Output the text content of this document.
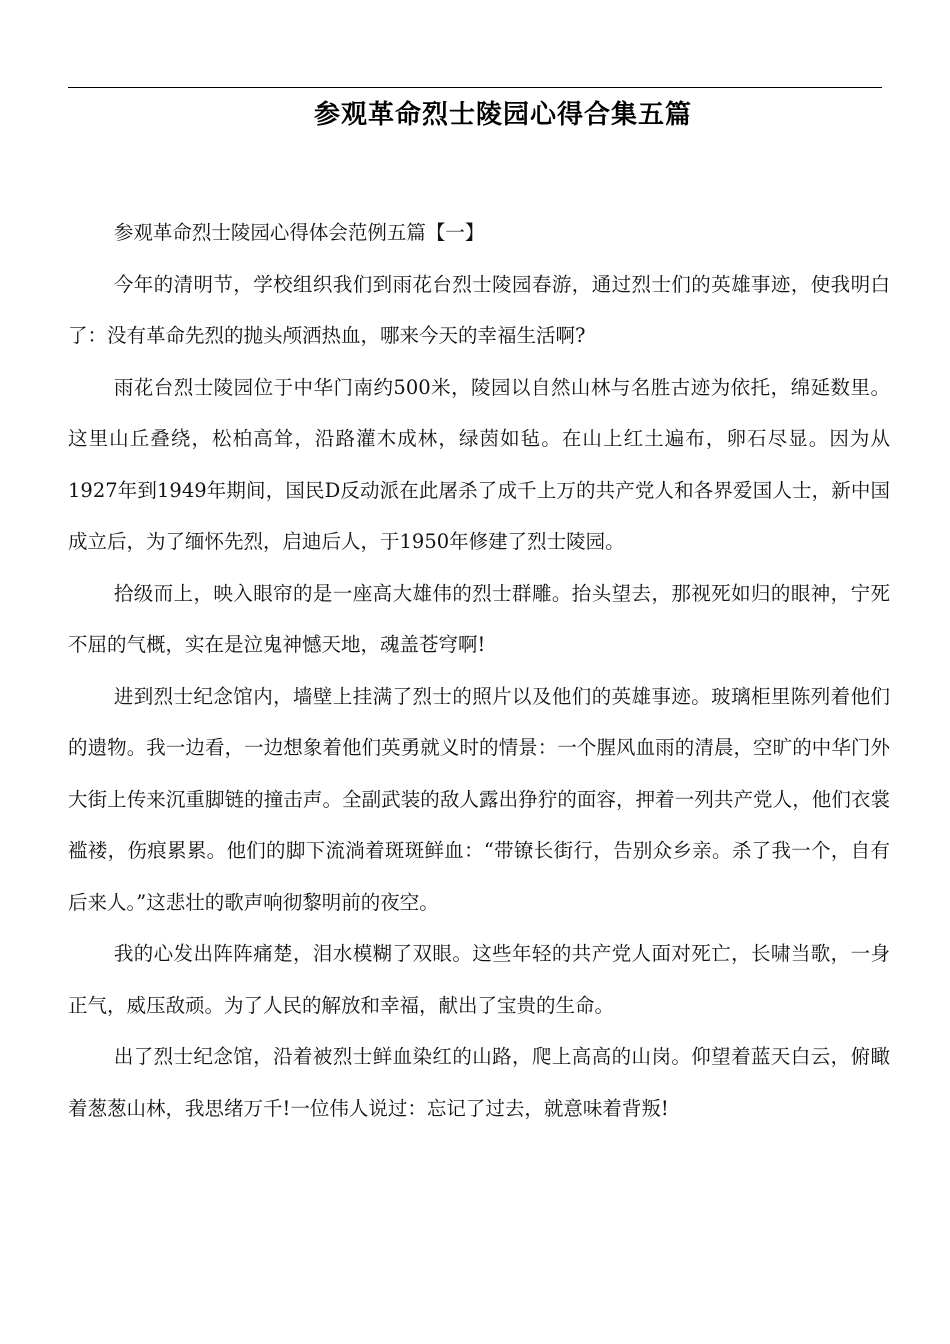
参观革命烈士陵园心得合集五篇

参观革命烈士陵园心得体会范例五篇【一】

今年的清明节，学校组织我们到雨花台烈士陵园春游，通过烈士们的英雄事迹，使我明白了：没有革命先烈的抛头颅洒热血，哪来今天的幸福生活啊?

雨花台烈士陵园位于中华门南约500米，陵园以自然山林与名胜古迹为依托，绵延数里。这里山丘叠绕，松柏高耸，沿路灌木成林，绿茵如毡。在山上红土遍布，卵石尽显。因为从1927年到1949年期间，国民D反动派在此屠杀了成千上万的共产党人和各界爱国人士，新中国成立后，为了缅怀先烈，启迪后人，于1950年修建了烈士陵园。

拾级而上，映入眼帘的是一座高大雄伟的烈士群雕。抬头望去，那视死如归的眼神，宁死不屈的气概，实在是泣鬼神憾天地，魂盖苍穹啊!

进到烈士纪念馆内，墙壁上挂满了烈士的照片以及他们的英雄事迹。玻璃柜里陈列着他们的遗物。我一边看，一边想象着他们英勇就义时的情景：一个腥风血雨的清晨，空旷的中华门外大街上传来沉重脚链的撞击声。全副武装的敌人露出狰狞的面容，押着一列共产党人，他们衣裳褴褛，伤痕累累。他们的脚下流淌着斑斑鲜血：“带镣长街行，告别众乡亲。杀了我一个，自有后来人。”这悲壮的歌声响彻黎明前的夜空。

我的心发出阵阵痛楚，泪水模糊了双眼。这些年轻的共产党人面对死亡，长啸当歌，一身正气，威压敌顽。为了人民的解放和幸福，献出了宝贵的生命。

出了烈士纪念馆，沿着被烈士鲜血染红的山路，爬上高高的山岗。仰望着蓝天白云，俯瞰着葱葱山林，我思绪万千!一位伟人说过：忘记了过去，就意味着背叛!
